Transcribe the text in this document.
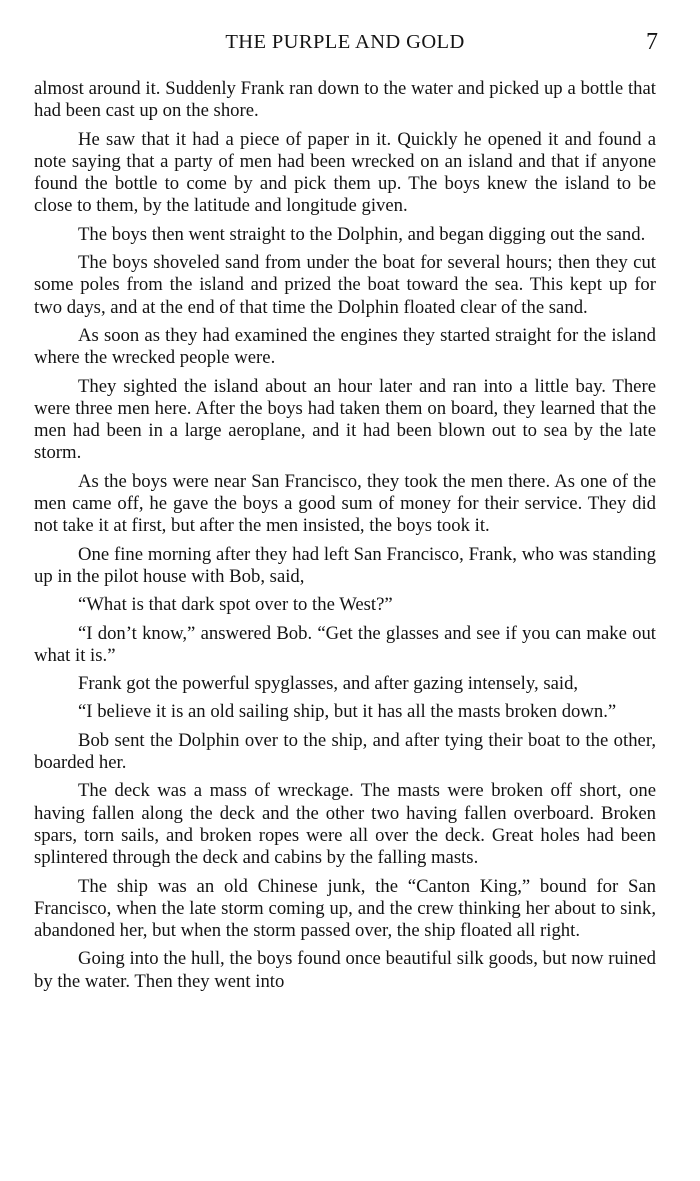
THE PURPLE AND GOLD	7

almost around it. Suddenly Frank ran down to the water and picked up a bottle that had been cast up on the shore.

He saw that it had a piece of paper in it. Quickly he opened it and found a note saying that a party of men had been wrecked on an island and that if anyone found the bottle to come by and pick them up. The boys knew the island to be close to them, by the latitude and longitude given.

The boys then went straight to the Dolphin, and began digging out the sand.

The boys shoveled sand from under the boat for several hours; then they cut some poles from the island and prized the boat toward the sea. This kept up for two days, and at the end of that time the Dolphin floated clear of the sand.

As soon as they had examined the engines they started straight for the island where the wrecked people were.

They sighted the island about an hour later and ran into a little bay. There were three men here. After the boys had taken them on board, they learned that the men had been in a large aeroplane, and it had been blown out to sea by the late storm.

As the boys were near San Francisco, they took the men there. As one of the men came off, he gave the boys a good sum of money for their service. They did not take it at first, but after the men insisted, the boys took it.

One fine morning after they had left San Francisco, Frank, who was standing up in the pilot house with Bob, said,

“What is that dark spot over to the West?”

“I don’t know,” answered Bob. “Get the glasses and see if you can make out what it is.”

Frank got the powerful spyglasses, and after gazing intensely, said,

“I believe it is an old sailing ship, but it has all the masts broken down.”

Bob sent the Dolphin over to the ship, and after tying their boat to the other, boarded her.

The deck was a mass of wreckage. The masts were broken off short, one having fallen along the deck and the other two having fallen overboard. Broken spars, torn sails, and broken ropes were all over the deck. Great holes had been splintered through the deck and cabins by the falling masts.

The ship was an old Chinese junk, the “Canton King,” bound for San Francisco, when the late storm coming up, and the crew thinking her about to sink, abandoned her, but when the storm passed over, the ship floated all right.

Going into the hull, the boys found once beautiful silk goods, but now ruined by the water. Then they went into
